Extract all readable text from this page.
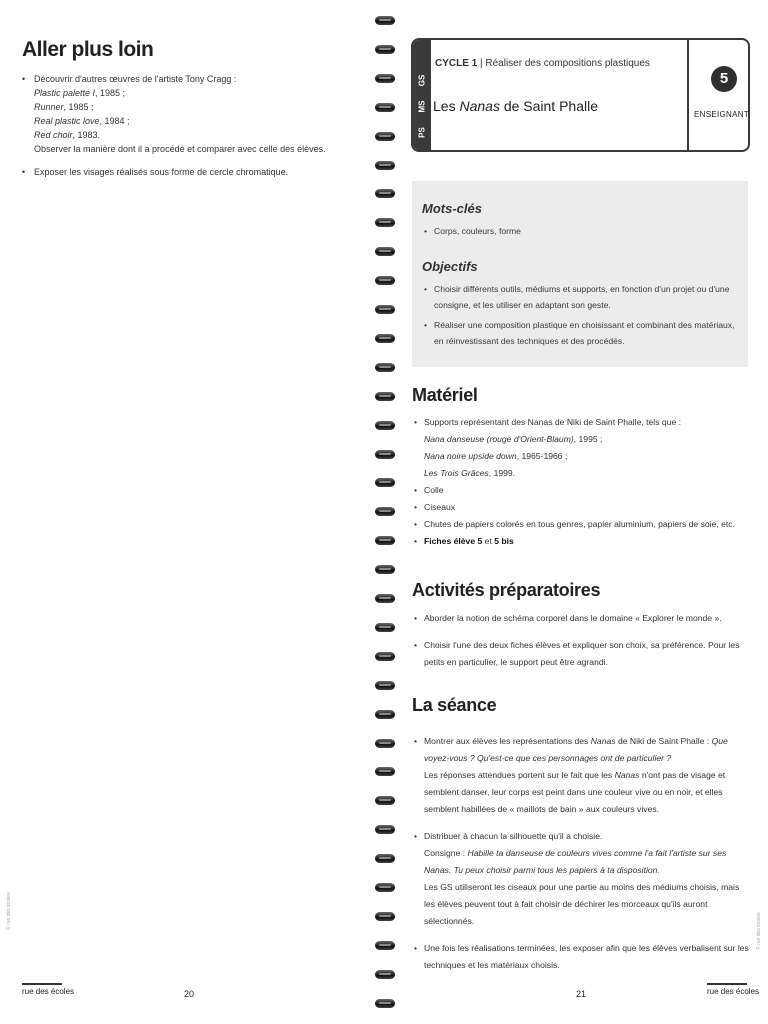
Aller plus loin
• Découvrir d'autres œuvres de l'artiste Tony Cragg :
Plastic palette I, 1985 ;
Runner, 1985 ;
Real plastic love, 1984 ;
Red choir, 1983.
Observer la manière dont il a procédé et comparer avec celle des élèves.
• Exposer les visages réalisés sous forme de cercle chromatique.
© rue des écoles
rue des écoles	20
PS
MS
GS
CYCLE 1 | Réaliser des compositions plastiques
Les Nanas de Saint Phalle
5
ENSEIGNANT
Mots-clés
• Corps, couleurs, forme
Objectifs
• Choisir différents outils, médiums et supports, en fonction d'un projet ou d'une consigne, et les utiliser en adaptant son geste.
• Réaliser une composition plastique en choisissant et combinant des matériaux, en réinvestissant des techniques et des procédés.
Matériel
• Supports représentant des Nanas de Niki de Saint Phalle, tels que :
Nana danseuse (rouge d'Orient-Blaum), 1995 ;
Nana noire upside down, 1965-1966 ;
Les Trois Grâces, 1999.
• Colle
• Ciseaux
• Chutes de papiers colorés en tous genres, papier aluminium, papiers de soie, etc.
• Fiches élève 5 et 5 bis
Activités préparatoires
• Aborder la notion de schéma corporel dans le domaine « Explorer le monde ».
• Choisir l'une des deux fiches élèves et expliquer son choix, sa préférence. Pour les petits en particulier, le support peut être agrandi.
La séance
• Montrer aux élèves les représentations des Nanas de Niki de Saint Phalle : Que voyez-vous ? Qu'est-ce que ces personnages ont de particulier ?
Les réponses attendues portent sur le fait que les Nanas n'ont pas de visage et semblent danser, leur corps est peint dans une couleur vive ou en noir, et elles semblent habillées de « maillots de bain » aux couleurs vives.
• Distribuer à chacun la silhouette qu'il a choisie.
Consigne : Habille ta danseuse de couleurs vives comme l'a fait l'artiste sur ses Nanas. Tu peux choisir parmi tous les papiers à ta disposition.
Les GS utiliseront les ciseaux pour une partie au moins des médiums choisis, mais les élèves peuvent tout à fait choisir de déchirer les morceaux qu'ils auront sélectionnés.
• Une fois les réalisations terminées, les exposer afin que les élèves verbalisent sur les techniques et les matériaux choisis.
© rue des écoles
21	rue des écoles
